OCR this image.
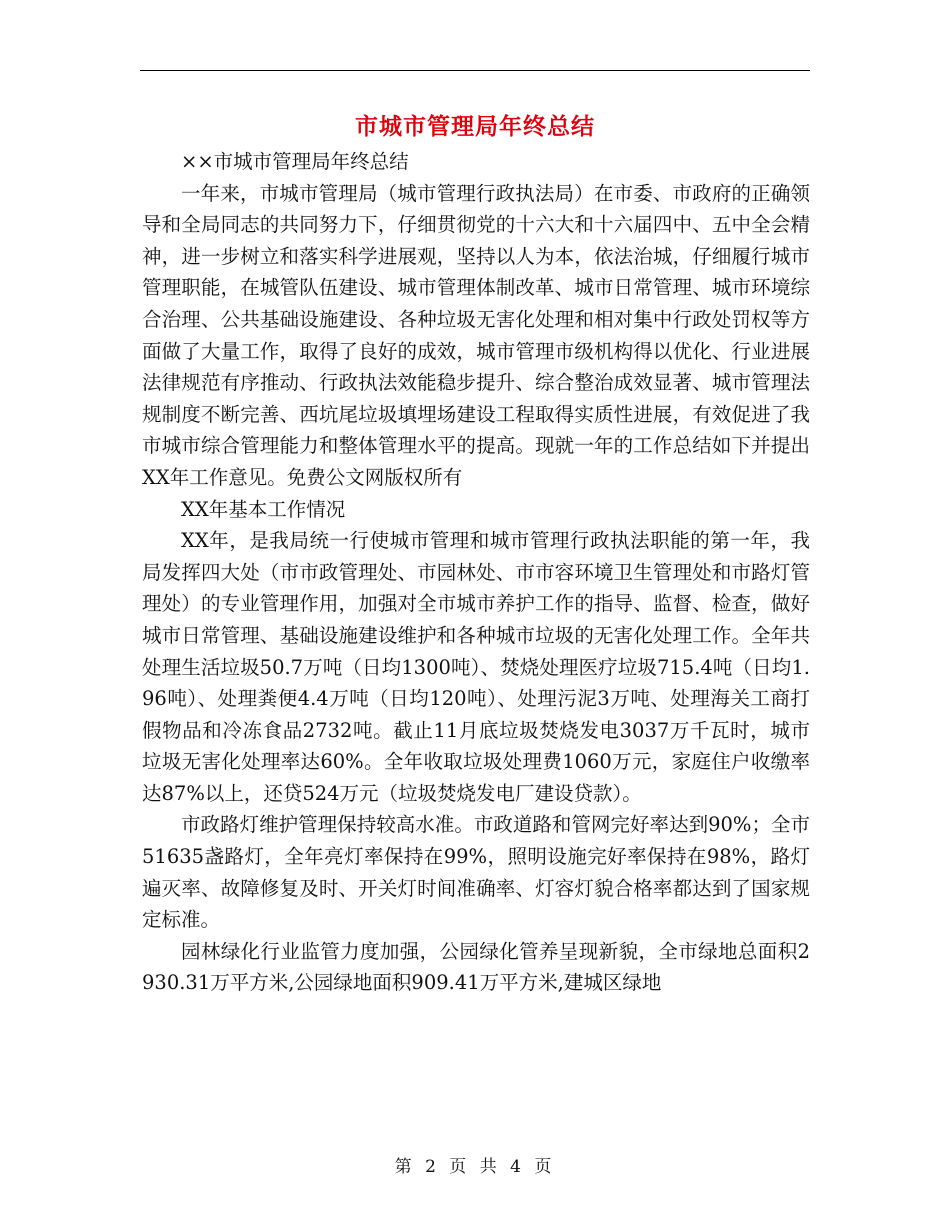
市城市管理局年终总结

××市城市管理局年终总结

一年来，市城市管理局（城市管理行政执法局）在市委、市政府的正确领导和全局同志的共同努力下，仔细贯彻党的十六大和十六届四中、五中全会精神，进一步树立和落实科学进展观，坚持以人为本，依法治城，仔细履行城市管理职能，在城管队伍建设、城市管理体制改革、城市日常管理、城市环境综合治理、公共基础设施建设、各种垃圾无害化处理和相对集中行政处罚权等方面做了大量工作，取得了良好的成效，城市管理市级机构得以优化、行业进展法律规范有序推动、行政执法效能稳步提升、综合整治成效显著、城市管理法规制度不断完善、西坑尾垃圾填埋场建设工程取得实质性进展，有效促进了我市城市综合管理能力和整体管理水平的提高。现就一年的工作总结如下并提出XX年工作意见。免费公文网版权所有

XX年基本工作情况

XX年，是我局统一行使城市管理和城市管理行政执法职能的第一年，我局发挥四大处（市市政管理处、市园林处、市市容环境卫生管理处和市路灯管理处）的专业管理作用，加强对全市城市养护工作的指导、监督、检查，做好城市日常管理、基础设施建设维护和各种城市垃圾的无害化处理工作。全年共处理生活垃圾50.7万吨（日均1300吨）、焚烧处理医疗垃圾715.4吨（日均1.96吨）、处理粪便4.4万吨（日均120吨）、处理污泥3万吨、处理海关工商打假物品和冷冻食品2732吨。截止11月底垃圾焚烧发电3037万千瓦时，城市垃圾无害化处理率达60%。全年收取垃圾处理费1060万元，家庭住户收缴率达87%以上，还贷524万元（垃圾焚烧发电厂建设贷款）。

市政路灯维护管理保持较高水准。市政道路和管网完好率达到90%；全市51635盏路灯，全年亮灯率保持在99%，照明设施完好率保持在98%，路灯遍灭率、故障修复及时、开关灯时间准确率、灯容灯貌合格率都达到了国家规定标准。

园林绿化行业监管力度加强，公园绿化管养呈现新貌，全市绿地总面积2930.31万平方米,公园绿地面积909.41万平方米,建城区绿地

第 2 页 共 4 页
